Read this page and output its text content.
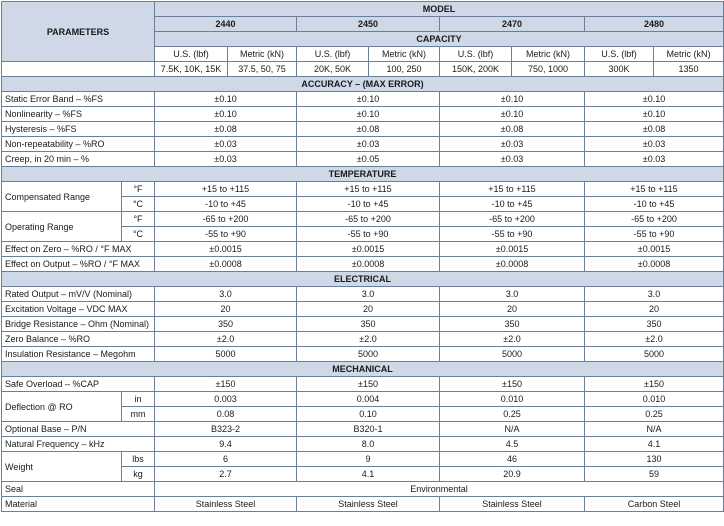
PARAMETERS		MODEL							
		2440		2450		2470		2480	
		CAPACITY							
		U.S. (lbf)	Metric (kN)	U.S. (lbf)	Metric (kN)	U.S. (lbf)	Metric (kN)	U.S. (lbf)	Metric (kN)
		7.5K, 10K, 15K	37.5, 50, 75	20K, 50K	100, 250	150K, 200K	750, 1000	300K	1350
ACCURACY – (MAX ERROR)									
Static Error Band – %FS		±0.10		±0.10		±0.10		±0.10	
Nonlinearity – %FS		±0.10		±0.10		±0.10		±0.10	
Hysteresis – %FS		±0.08		±0.08		±0.08		±0.08	
Non-repeatability – %RO		±0.03		±0.03		±0.03		±0.03	
Creep, in 20 min – %		±0.03		±0.05		±0.03		±0.03	
TEMPERATURE									
Compensated Range	°F	+15 to +115		+15 to +115		+15 to +115		+15 to +115	
	°C	-10 to +45		-10 to +45		-10 to +45		-10 to +45	
Operating Range	°F	-65 to +200		-65 to +200		-65 to +200		-65 to +200	
	°C	-55 to +90		-55 to +90		-55 to +90		-55 to +90	
Effect on Zero – %RO / °F MAX		±0.0015		±0.0015		±0.0015		±0.0015	
Effect on Output – %RO / °F MAX		±0.0008		±0.0008		±0.0008		±0.0008	
ELECTRICAL									
Rated Output – mV/V (Nominal)		3.0		3.0		3.0		3.0	
Excitation Voltage – VDC MAX		20		20		20		20	
Bridge Resistance – Ohm (Nominal)		350		350		350		350	
Zero Balance – %RO		±2.0		±2.0		±2.0		±2.0	
Insulation Resistance – Megohm		5000		5000		5000		5000	
MECHANICAL									
Safe Overload – %CAP		±150		±150		±150		±150	
Deflection @ RO	in	0.003		0.004		0.010		0.010	
	mm	0.08		0.10		0.25		0.25	
Optional Base – P/N		B323-2		B320-1		N/A		N/A	
Natural Frequency – kHz		9.4		8.0		4.5		4.1	
Weight	lbs	6		9		46		130	
	kg	2.7		4.1		20.9		59	
Seal		Environmental							
Material		Stainless Steel		Stainless Steel		Stainless Steel		Carbon Steel	
